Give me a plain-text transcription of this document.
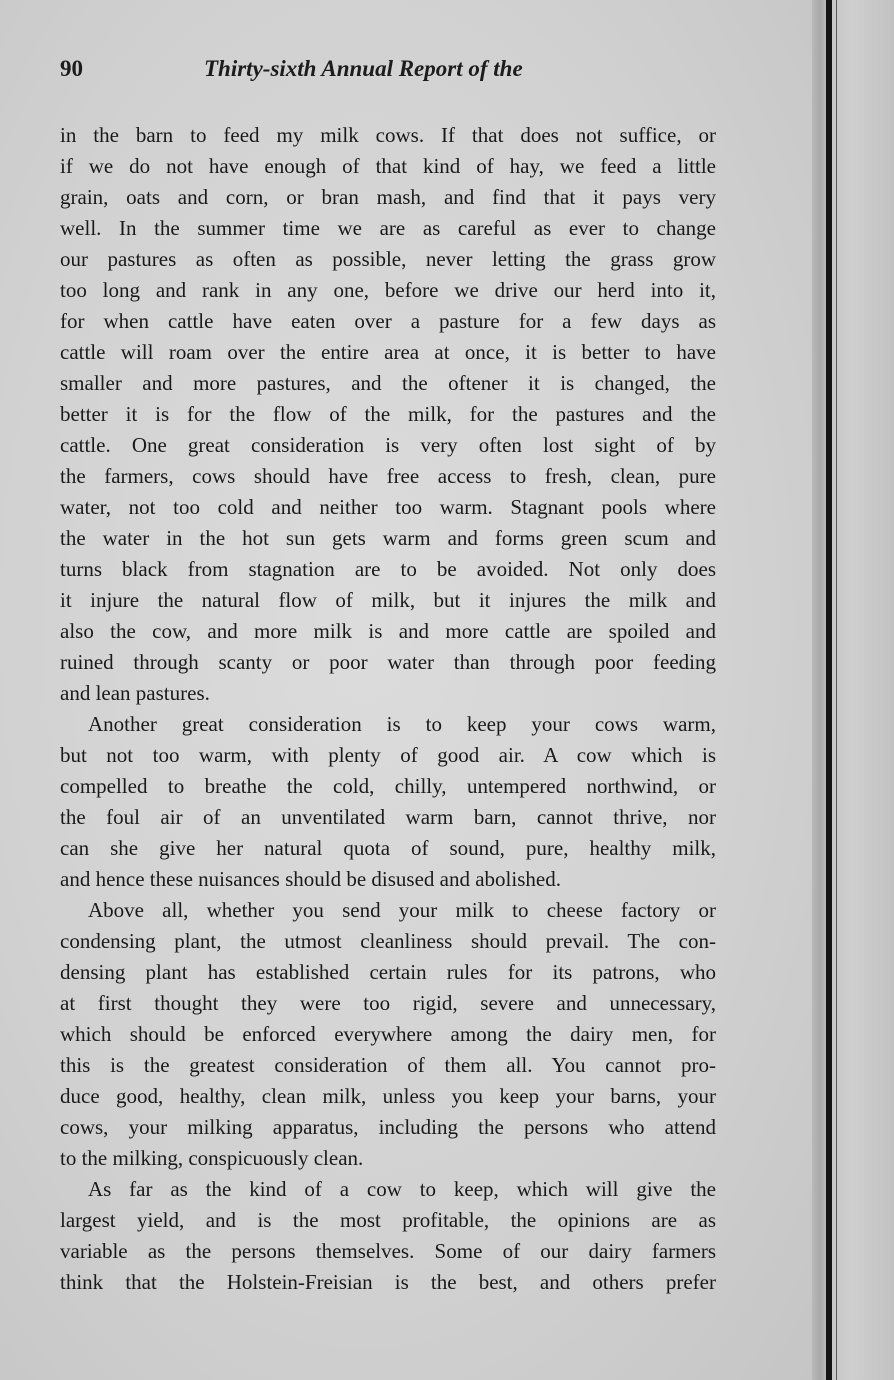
90	Thirty-sixth Annual Report of the
in the barn to feed my milk cows. If that does not suffice, or
if we do not have enough of that kind of hay, we feed a little
grain, oats and corn, or bran mash, and find that it pays very
well. In the summer time we are as careful as ever to change
our pastures as often as possible, never letting the grass grow
too long and rank in any one, before we drive our herd into it,
for when cattle have eaten over a pasture for a few days as
cattle will roam over the entire area at once, it is better to have
smaller and more pastures, and the oftener it is changed, the
better it is for the flow of the milk, for the pastures and the
cattle. One great consideration is very often lost sight of by
the farmers, cows should have free access to fresh, clean, pure
water, not too cold and neither too warm. Stagnant pools where
the water in the hot sun gets warm and forms green scum and
turns black from stagnation are to be avoided. Not only does
it injure the natural flow of milk, but it injures the milk and
also the cow, and more milk is and more cattle are spoiled and
ruined through scanty or poor water than through poor feeding
and lean pastures.
Another great consideration is to keep your cows warm,
but not too warm, with plenty of good air. A cow which is
compelled to breathe the cold, chilly, untempered northwind, or
the foul air of an unventilated warm barn, cannot thrive, nor
can she give her natural quota of sound, pure, healthy milk,
and hence these nuisances should be disused and abolished.
Above all, whether you send your milk to cheese factory or
condensing plant, the utmost cleanliness should prevail. The con-
densing plant has established certain rules for its patrons, who
at first thought they were too rigid, severe and unnecessary,
which should be enforced everywhere among the dairy men, for
this is the greatest consideration of them all. You cannot pro-
duce good, healthy, clean milk, unless you keep your barns, your
cows, your milking apparatus, including the persons who attend
to the milking, conspicuously clean.
As far as the kind of a cow to keep, which will give the
largest yield, and is the most profitable, the opinions are as
variable as the persons themselves. Some of our dairy farmers
think that the Holstein-Freisian is the best, and others prefer
